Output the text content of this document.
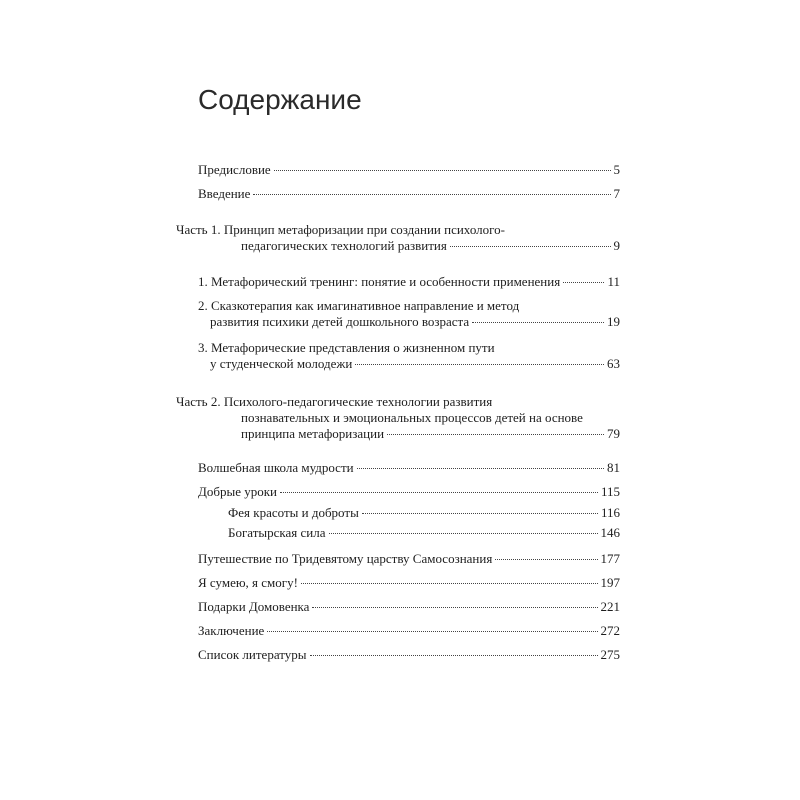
Содержание
Предисловие	5
Введение	7
Часть 1. Принцип метафоризации при создании психолого-
педагогических технологий развития	9
1. Метафорический тренинг: понятие и особенности применения	11
2. Сказкотерапия как имагинативное направление и метод
развития психики детей дошкольного возраста	19
3. Метафорические представления о жизненном пути
у студенческой молодежи	63
Часть 2. Психолого-педагогические технологии развития
познавательных и эмоциональных процессов детей на основе
принципа метафоризации	79
Волшебная школа мудрости	81
Добрые уроки	115
Фея красоты и доброты	116
Богатырская сила	146
Путешествие по Тридевятому царству Самосознания	177
Я сумею, я смогу!	197
Подарки Домовенка	221
Заключение	272
Список литературы	275
